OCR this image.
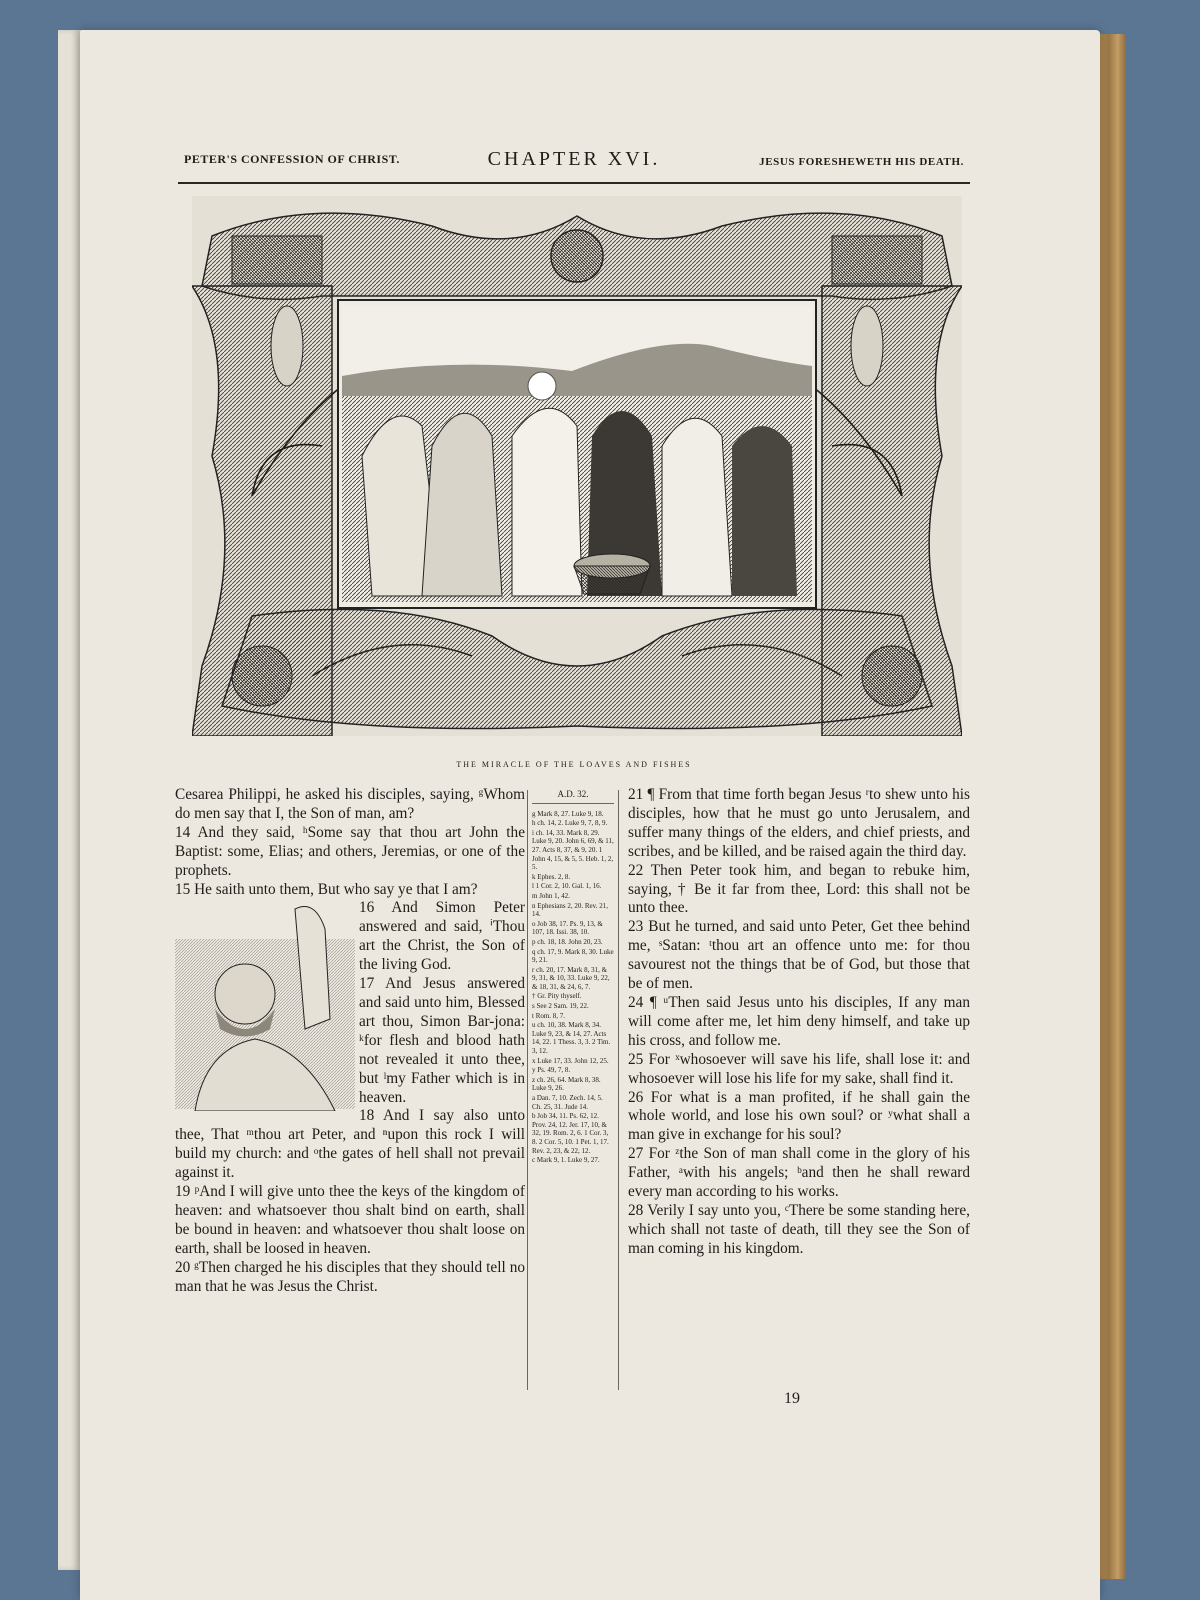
PETER'S CONFESSION OF CHRIST.	CHAPTER XVI.	JESUS FORESHEWETH HIS DEATH.
THE MIRACLE OF THE LOAVES AND FISHES

Cesarea Philippi, he asked his disciples, saying, ᵍWhom do men say that I, the Son of man, am?

14 And they said, ʰSome say that thou art John the Baptist: some, Elias; and others, Jeremias, or one of the prophets.

15 He saith unto them, But who say ye that I am?

16 And Simon Peter answered and said, ⁱThou art the Christ, the Son of the living God.

17 And Jesus answered and said unto him, Blessed art thou, Simon Bar-jona: ᵏfor flesh and blood hath not revealed it unto thee, but ˡmy Father which is in heaven.

18 And I say also unto thee, That ᵐthou art Peter, and ⁿupon this rock I will build my church: and ᵒthe gates of hell shall not prevail against it.

19 ᵖAnd I will give unto thee the keys of the kingdom of heaven: and whatsoever thou shalt bind on earth, shall be bound in heaven: and whatsoever thou shalt loose on earth, shall be loosed in heaven.

20 ᵍThen charged he his disciples that they should tell no man that he was Jesus the Christ.

A.D. 32.
g Mark 8, 27. Luke 9, 18.
h ch. 14, 2. Luke 9, 7, 8, 9.
i ch. 14, 33. Mark 8, 29. Luke 9, 20. John 6, 69, & 11, 27. Acts 8, 37, & 9, 20. 1 John 4, 15, & 5, 5. Heb. 1, 2, 5.
k Ephes. 2, 8.
l 1 Cor. 2, 10. Gal. 1, 16.
m John 1, 42.
n Ephesians 2, 20. Rev. 21, 14.
o Job 38, 17. Ps. 9, 13, & 107, 18. Issi. 38, 10.
p ch. 18, 18. John 20, 23.
q ch. 17, 9. Mark 8, 30. Luke 9, 21.
r ch. 20, 17. Mark 8, 31, & 9, 31, & 10, 33. Luke 9, 22, & 18, 31, & 24, 6, 7.
† Gr. Pity thyself.
s See 2 Sam. 19, 22.
t Rom. 8, 7.
u ch. 10, 38. Mark 8, 34. Luke 9, 23, & 14, 27. Acts 14, 22. 1 Thess. 3, 3. 2 Tim. 3, 12.
x Luke 17, 33. John 12, 25.
y Ps. 49, 7, 8.
z ch. 26, 64. Mark 8, 38. Luke 9, 26.
a Dan. 7, 10. Zech. 14, 5. Ch. 25, 31. Jude 14.
b Job 34, 11. Ps. 62, 12. Prov. 24, 12. Jer. 17, 10, & 32, 19. Rom. 2, 6. 1 Cor. 3, 8. 2 Cor. 5, 10. 1 Pet. 1, 17. Rev. 2, 23, & 22, 12.
c Mark 9, 1. Luke 9, 27.

21 ¶ From that time forth began Jesus ʳto shew unto his disciples, how that he must go unto Jerusalem, and suffer many things of the elders, and chief priests, and scribes, and be killed, and be raised again the third day.

22 Then Peter took him, and began to rebuke him, saying, † Be it far from thee, Lord: this shall not be unto thee.

23 But he turned, and said unto Peter, Get thee behind me, ˢSatan: ᵗthou art an offence unto me: for thou savourest not the things that be of God, but those that be of men.

24 ¶ ᵘThen said Jesus unto his disciples, If any man will come after me, let him deny himself, and take up his cross, and follow me.

25 For ˣwhosoever will save his life, shall lose it: and whosoever will lose his life for my sake, shall find it.

26 For what is a man profited, if he shall gain the whole world, and lose his own soul? or ʸwhat shall a man give in exchange for his soul?

27 For ᶻthe Son of man shall come in the glory of his Father, ᵃwith his angels; ᵇand then he shall reward every man according to his works.

28 Verily I say unto you, ᶜThere be some standing here, which shall not taste of death, till they see the Son of man coming in his kingdom.

19
